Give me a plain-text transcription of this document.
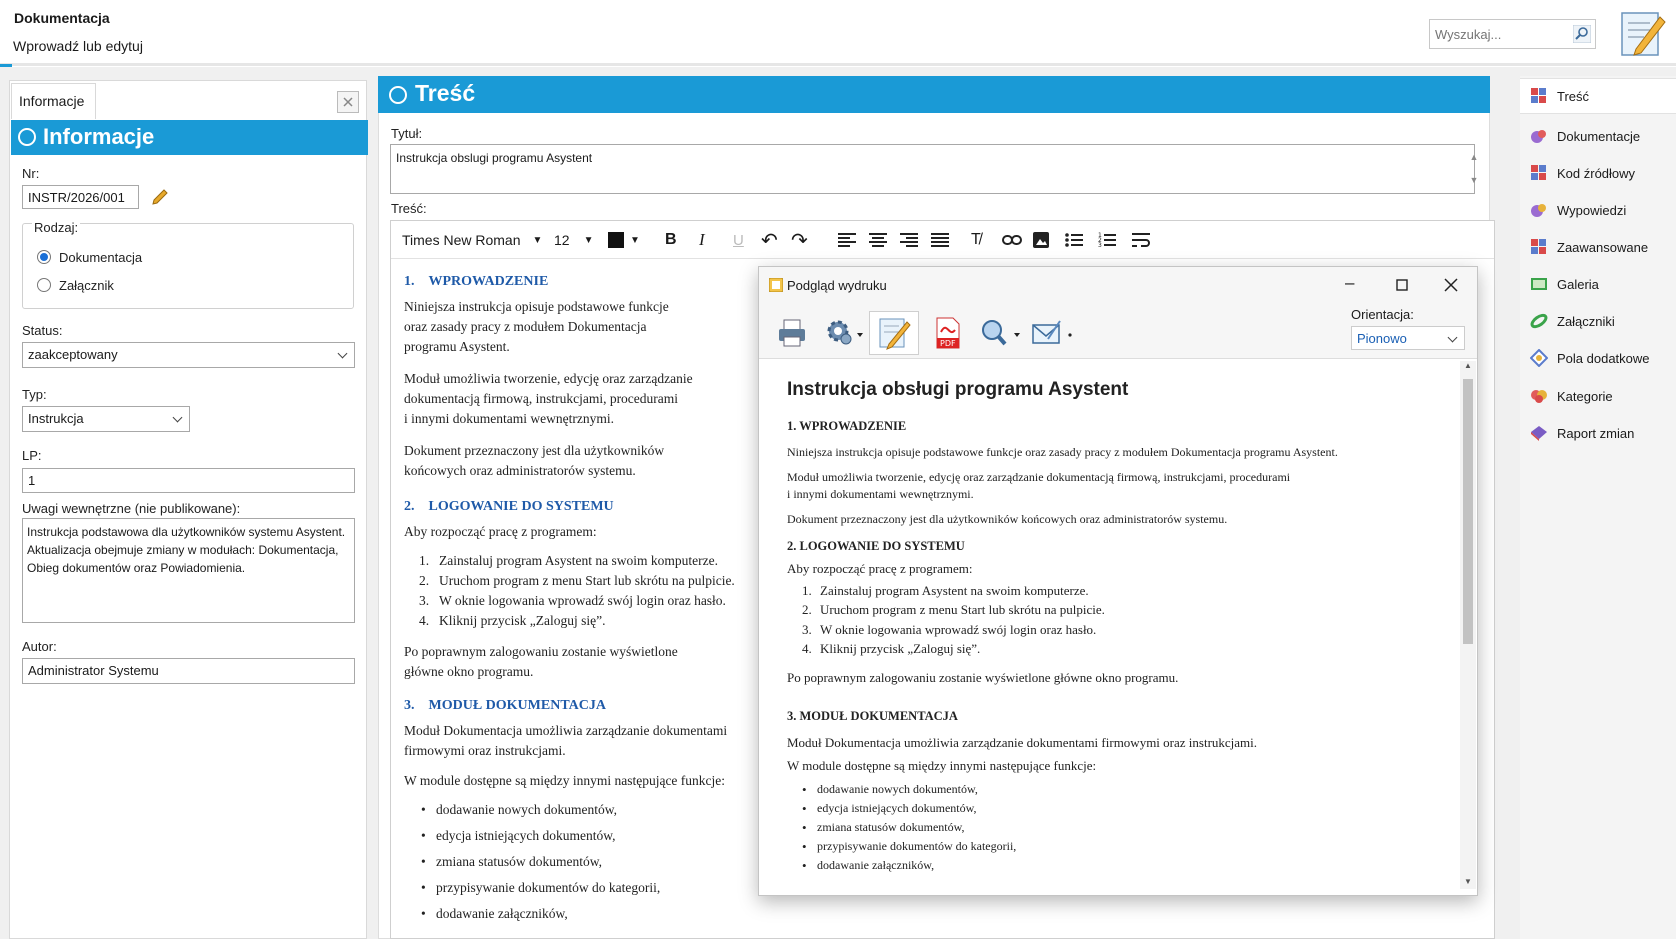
Dokumentacja
Wprowadź lub edytuj
Wyszukaj...
Informacje
Informacje
Nr:
INSTR/2026/001
Rodzaj:
Dokumentacja
Załącznik
Status:
zaakceptowany
Typ:
Instrukcja
LP:
1
Uwagi wewnętrzne (nie publikowane):
Instrukcja podstawowa dla użytkowników systemu Asystent.
Aktualizacja obejmuje zmiany w modułach: Dokumentacja,
Obieg dokumentów oraz Powiadomienia.
Autor:
Administrator Systemu
Treść
Tytuł:
Instrukcja obslugi programu Asystent	▲
▼
Treść:
Times New Roman ▼ 12 ▼	▼ B I U ↶ ↷	T̸	1
2
3
1. WPROWADZENIE
Niniejsza instrukcja opisuje podstawowe funkcje
oraz zasady pracy z modułem Dokumentacja
programu Asystent.
Moduł umożliwia tworzenie, edycję oraz zarządzanie
dokumentacją firmową, instrukcjami, procedurami
i innymi dokumentami wewnętrznymi.
Dokument przeznaczony jest dla użytkowników
końcowych oraz administratorów systemu.
2. LOGOWANIE DO SYSTEMU
Aby rozpocząć pracę z programem:
1. Zainstaluj program Asystent na swoim komputerze.
2. Uruchom program z menu Start lub skrótu na pulpicie.
3. W oknie logowania wprowadź swój login oraz hasło.
4. Kliknij przycisk „Zaloguj się”.
Po poprawnym zalogowaniu zostanie wyświetlone
główne okno programu.
3. MODUŁ DOKUMENTACJA
Moduł Dokumentacja umożliwia zarządzanie dokumentami
firmowymi oraz instrukcjami.
W module dostępne są między innymi następujące funkcje:
• dodawanie nowych dokumentów,
• edycja istniejących dokumentów,
• zmiana statusów dokumentów,
• przypisywanie dokumentów do kategorii,
• dodawanie załączników,
Podgląd wydruku	–
PDF
Orientacja:
Pionowo
Instrukcja obsługi programu Asystent
1. WPROWADZENIE
Niniejsza instrukcja opisuje podstawowe funkcje oraz zasady pracy z modułem Dokumentacja programu Asystent.
Moduł umożliwia tworzenie, edycję oraz zarządzanie dokumentacją firmową, instrukcjami, procedurami
i innymi dokumentami wewnętrznymi.
Dokument przeznaczony jest dla użytkowników końcowych oraz administratorów systemu.
2. LOGOWANIE DO SYSTEMU
Aby rozpocząć pracę z programem:
1. Zainstaluj program Asystent na swoim komputerze.
2. Uruchom program z menu Start lub skrótu na pulpicie.
3. W oknie logowania wprowadź swój login oraz hasło.
4. Kliknij przycisk „Zaloguj się”.
Po poprawnym zalogowaniu zostanie wyświetlone główne okno programu.
3. MODUŁ DOKUMENTACJA
Moduł Dokumentacja umożliwia zarządzanie dokumentami firmowymi oraz instrukcjami.
W module dostępne są między innymi następujące funkcje:
• dodawanie nowych dokumentów,
• edycja istniejących dokumentów,
• zmiana statusów dokumentów,
• przypisywanie dokumentów do kategorii,
• dodawanie załączników,
▲
▼
Treść
Dokumentacje
Kod źródłowy
Wypowiedzi
Zaawansowane
Galeria
Załączniki
Pola dodatkowe
Kategorie
Raport zmian
